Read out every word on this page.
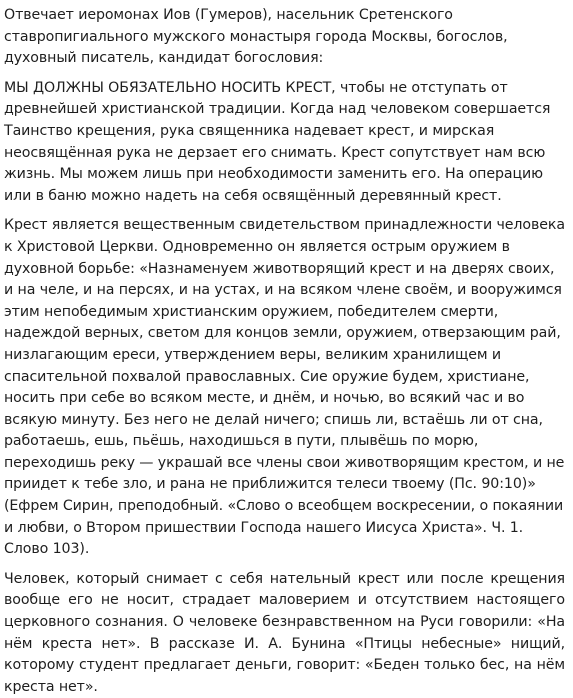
Отвечает иеромонах Иов (Гумеров), насельник Сретенского ставропигиального мужского монастыря города Москвы, богослов, духовный писатель, кандидат богословия:

МЫ ДОЛЖНЫ ОБЯЗАТЕЛЬНО НОСИТЬ КРЕСТ, чтобы не отступать от древнейшей христианской традиции. Когда над человеком совершается Таинство крещения, рука священника надевает крест, и мирская неосвящённая рука не дерзает его снимать. Крест сопутствует нам всю жизнь. Мы можем лишь при необходимости заменить его. На операцию или в баню можно надеть на себя освящённый деревянный крест.

Крест является вещественным свидетельством принадлежности человека к Христовой Церкви. Одновременно он является острым оружием в духовной борьбе: «Назнаменуем животворящий крест и на дверях своих, и на челе, и на персях, и на устах, и на всяком члене своём, и вооружимся этим непобедимым христианским оружием, победителем смерти, надеждой верных, светом для концов земли, оружием, отверзающим рай, низлагающим ереси, утверждением веры, великим хранилищем и спасительной похвалой православных. Сие оружие будем, христиане, носить при себе во всяком месте, и днём, и ночью, во всякий час и во всякую минуту. Без него не делай ничего; спишь ли, встаёшь ли от сна, работаешь, ешь, пьёшь, находишься в пути, плывёшь по морю, переходишь реку — украшай все члены свои животворящим крестом, и не приидет к тебе зло, и рана не приближится телеси твоему (Пс. 90:10)» (Ефрем Сирин, преподобный. «Слово о всеобщем воскресении, о покаянии и любви, о Втором пришествии Господа нашего Иисуса Христа». Ч. 1. Слово 103).

Человек, который снимает с себя нательный крест или после крещения вообще его не носит, страдает маловерием и отсутствием настоящего церковного сознания. О человеке безнравственном на Руси говорили: «На нём креста нет». В рассказе И. А. Бунина «Птицы небесные» нищий, которому студент предлагает деньги, говорит: «Беден только бес, на нём креста нет».
